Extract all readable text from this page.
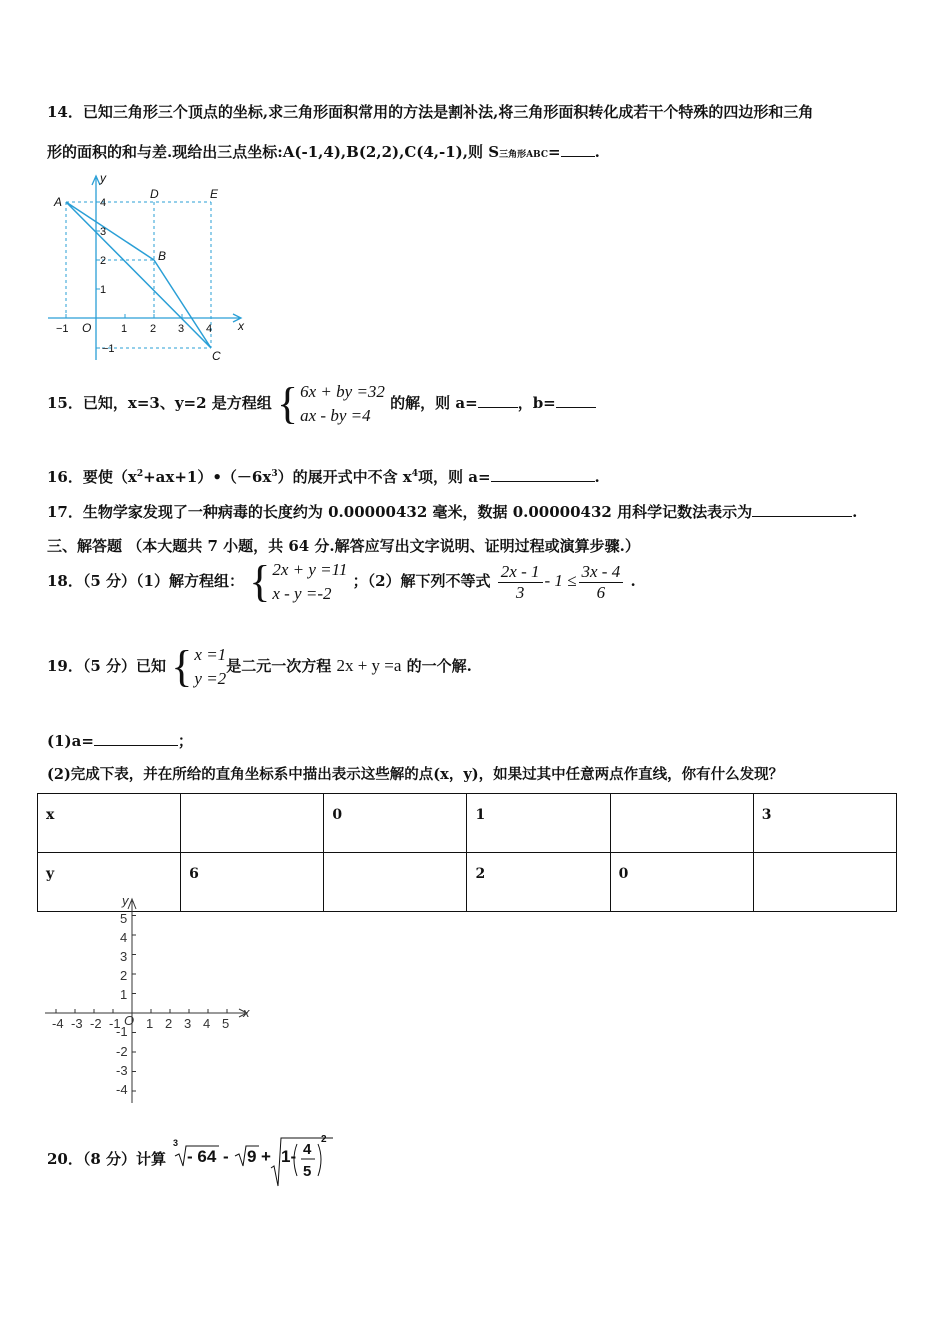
14．已知三角形三个顶点的坐标,求三角形面积常用的方法是割补法,将三角形面积转化成若干个特殊的四边形和三角
形的面积的和与差.现给出三点坐标:A(-1,4),B(2,2),C(4,-1),则 S三角形ABC= .
A
B
C
D	E
x
y
O
−1	1 2 3 4
4
3
2
1
−1
15．已知，x=3、y=2 是方程组 { 6x + by =32
ax - by =4
的解，则 a=	，b=
16．要使$(x^2+ax+1)•(-6x^3)$的展开式中不含 $x^4$项，则 a=	.
17．生物学家发现了一种病毒的长度约为 0.00000432 毫米，数据 0.00000432 用科学记数法表示为	.
三、解答题 （本大题共 7 小题，共 64 分.解答应写出文字说明、证明过程或演算步骤.）
18．（5 分）（1）解方程组： { 2x + y =11
x - y =-2
；（2）解下列不等式 $\frac{2x - 1}{3} - 1 \le \frac{3x - 4}{6}$ .
19．（5 分）已知 { x =1
y =2
是二元一次方程 2x + y =a 的一个解.
(1)a=	；
(2)完成下表，并在所给的直角坐标系中描出表示这些解的点(x，y)，如果过其中任意两点作直线，你有什么发现？
x		0	1		3
y	6		2	0	
-4 -3 -2 -1 1 2 3 4 5
5
4
3
2
1
-1
-2
-3
-4
O
x
y
20．（8 分）计算
3
- 64 - 9 + 1- 4
5
2
